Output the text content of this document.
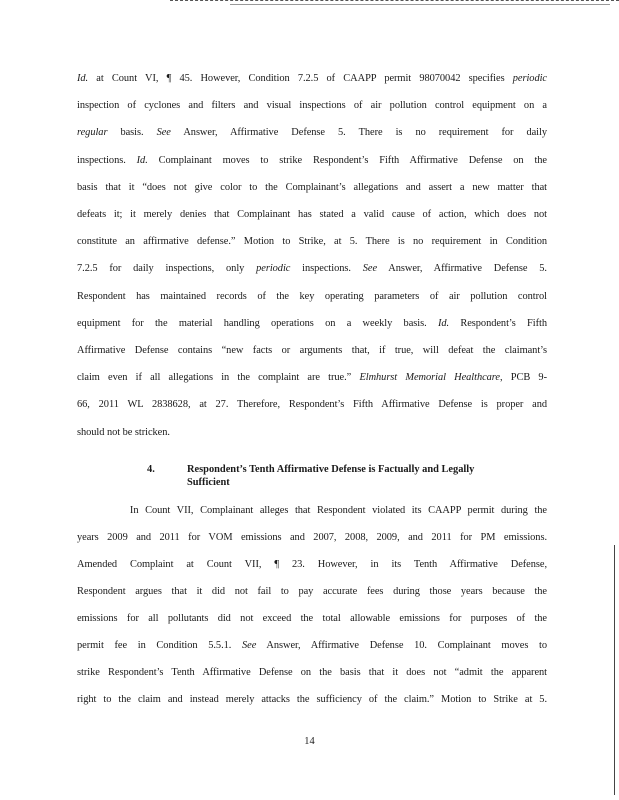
Id. at Count VI, ¶ 45. However, Condition 7.2.5 of CAAPP permit 98070042 specifies periodic
inspection of cyclones and filters and visual inspections of air pollution control equipment on a
regular basis. See Answer, Affirmative Defense 5. There is no requirement for daily
inspections. Id. Complainant moves to strike Respondent’s Fifth Affirmative Defense on the
basis that it “does not give color to the Complainant’s allegations and assert a new matter that
defeats it; it merely denies that Complainant has stated a valid cause of action, which does not
constitute an affirmative defense.” Motion to Strike, at 5. There is no requirement in Condition
7.2.5 for daily inspections, only periodic inspections. See Answer, Affirmative Defense 5.
Respondent has maintained records of the key operating parameters of air pollution control
equipment for the material handling operations on a weekly basis. Id. Respondent’s Fifth
Affirmative Defense contains “new facts or arguments that, if true, will defeat the claimant’s
claim even if all allegations in the complaint are true.” Elmhurst Memorial Healthcare, PCB 9-
66, 2011 WL 2838628, at 27. Therefore, Respondent’s Fifth Affirmative Defense is proper and
should not be stricken.
In Count VII, Complainant alleges that Respondent violated its CAAPP permit during the
years 2009 and 2011 for VOM emissions and 2007, 2008, 2009, and 2011 for PM emissions.
Amended Complaint at Count VII, ¶ 23. However, in its Tenth Affirmative Defense,
Respondent argues that it did not fail to pay accurate fees during those years because the
emissions for all pollutants did not exceed the total allowable emissions for purposes of the
permit fee in Condition 5.5.1. See Answer, Affirmative Defense 10. Complainant moves to
strike Respondent’s Tenth Affirmative Defense on the basis that it does not “admit the apparent
right to the claim and instead merely attacks the sufficiency of the claim.” Motion to Strike at 5.
4.	Respondent’s Tenth Affirmative Defense is Factually and Legally
Sufficient
14
